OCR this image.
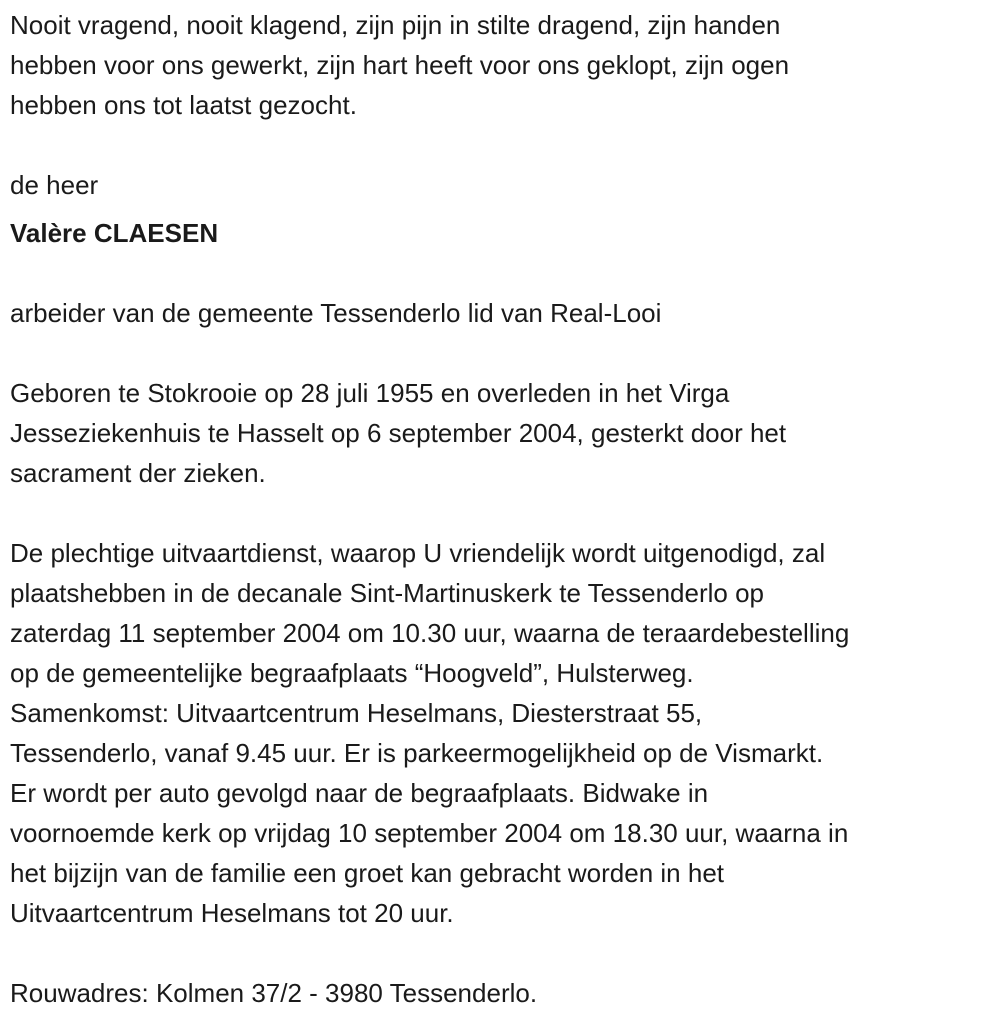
Nooit vragend, nooit klagend, zijn pijn in stilte dragend, zijn handen
hebben voor ons gewerkt, zijn hart heeft voor ons geklopt, zijn ogen
hebben ons tot laatst gezocht.
de heer
Valère CLAESEN
arbeider van de gemeente Tessenderlo lid van Real-Looi
Geboren te Stokrooie op 28 juli 1955 en overleden in het Virga
Jesseziekenhuis te Hasselt op 6 september 2004, gesterkt door het
sacrament der zieken.
De plechtige uitvaartdienst, waarop U vriendelijk wordt uitgenodigd, zal
plaatshebben in de decanale Sint-Martinuskerk te Tessenderlo op
zaterdag 11 september 2004 om 10.30 uur, waarna de teraardebestelling
op de gemeentelijke begraafplaats “Hoogveld”, Hulsterweg.
Samenkomst: Uitvaartcentrum Heselmans, Diesterstraat 55,
Tessenderlo, vanaf 9.45 uur. Er is parkeermogelijkheid op de Vismarkt.
Er wordt per auto gevolgd naar de begraafplaats. Bidwake in
voornoemde kerk op vrijdag 10 september 2004 om 18.30 uur, waarna in
het bijzijn van de familie een groet kan gebracht worden in het
Uitvaartcentrum Heselmans tot 20 uur.
Rouwadres: Kolmen 37/2 - 3980 Tessenderlo.
